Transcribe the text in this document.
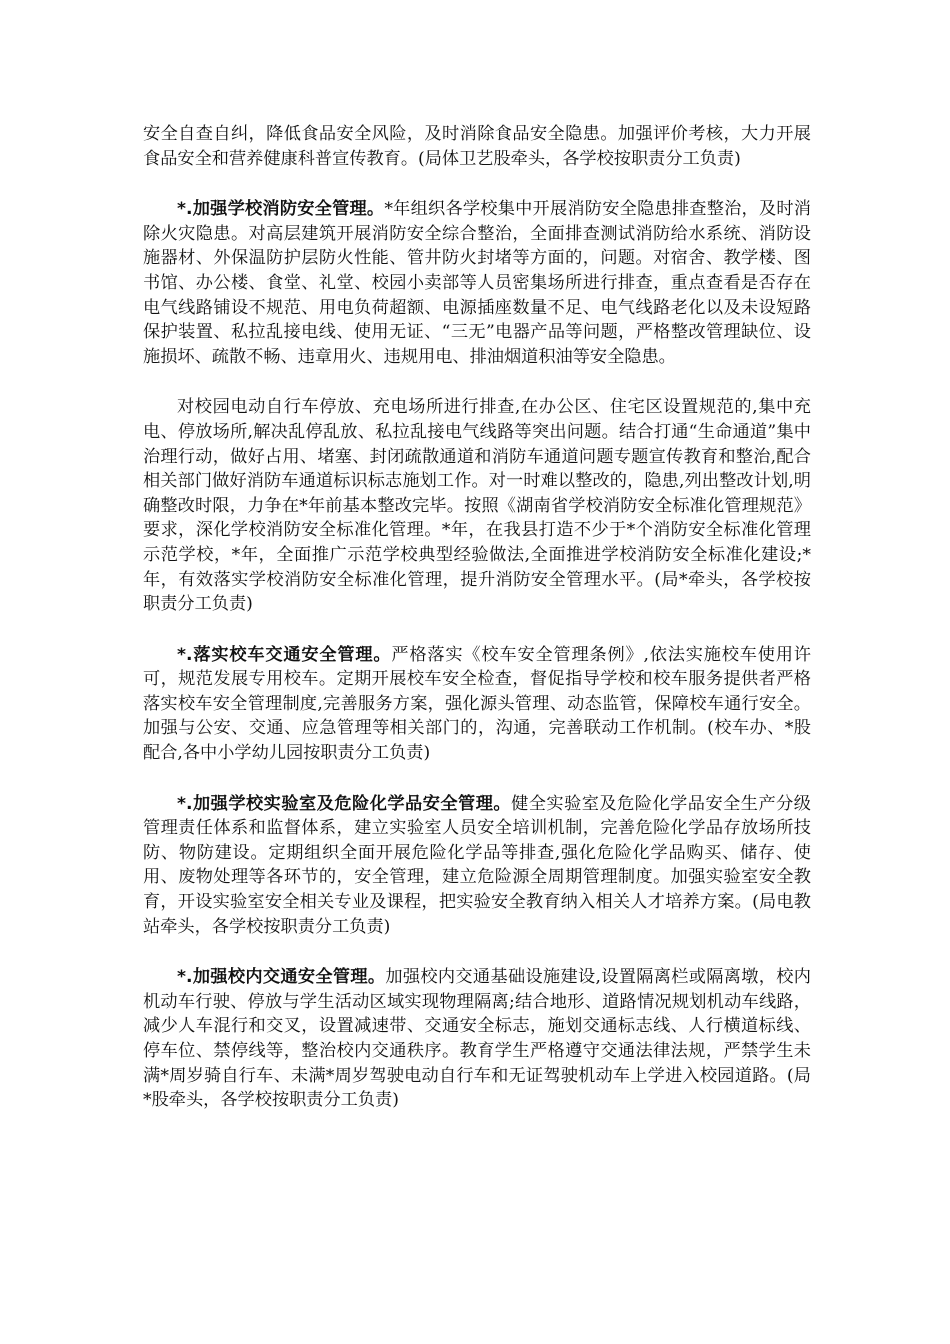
安全自查自纠，降低食品安全风险，及时消除食品安全隐患。加强评价考核，大力开展食品安全和营养健康科普宣传教育。(局体卫艺股牵头，各学校按职责分工负责)

*.加强学校消防安全管理。*年组织各学校集中开展消防安全隐患排查整治，及时消除火灾隐患。对高层建筑开展消防安全综合整治，全面排查测试消防给水系统、消防设施器材、外保温防护层防火性能、管井防火封堵等方面的，问题。对宿舍、教学楼、图书馆、办公楼、食堂、礼堂、校园小卖部等人员密集场所进行排查，重点查看是否存在电气线路铺设不规范、用电负荷超额、电源插座数量不足、电气线路老化以及未设短路保护装置、私拉乱接电线、使用无证、“三无”电器产品等问题，严格整改管理缺位、设施损坏、疏散不畅、违章用火、违规用电、排油烟道积油等安全隐患。

对校园电动自行车停放、充电场所进行排查,在办公区、住宅区设置规范的,集中充电、停放场所,解决乱停乱放、私拉乱接电气线路等突出问题。结合打通“生命通道”集中治理行动，做好占用、堵塞、封闭疏散通道和消防车通道问题专题宣传教育和整治,配合相关部门做好消防车通道标识标志施划工作。对一时难以整改的，隐患,列出整改计划,明确整改时限，力争在*年前基本整改完毕。按照《湖南省学校消防安全标准化管理规范》要求，深化学校消防安全标准化管理。*年，在我县打造不少于*个消防安全标准化管理示范学校，*年，全面推广示范学校典型经验做法,全面推进学校消防安全标准化建设;*年，有效落实学校消防安全标准化管理，提升消防安全管理水平。(局*牵头，各学校按职责分工负责)

*.落实校车交通安全管理。严格落实《校车安全管理条例》,依法实施校车使用许可，规范发展专用校车。定期开展校车安全检查，督促指导学校和校车服务提供者严格落实校车安全管理制度,完善服务方案，强化源头管理、动态监管，保障校车通行安全。加强与公安、交通、应急管理等相关部门的，沟通，完善联动工作机制。(校车办、*股配合,各中小学幼儿园按职责分工负责)

*.加强学校实验室及危险化学品安全管理。健全实验室及危险化学品安全生产分级管理责任体系和监督体系，建立实验室人员安全培训机制，完善危险化学品存放场所技防、物防建设。定期组织全面开展危险化学品等排查,强化危险化学品购买、储存、使用、废物处理等各环节的，安全管理，建立危险源全周期管理制度。加强实验室安全教育，开设实验室安全相关专业及课程，把实验安全教育纳入相关人才培养方案。(局电教站牵头，各学校按职责分工负责)

*.加强校内交通安全管理。加强校内交通基础设施建设,设置隔离栏或隔离墩，校内机动车行驶、停放与学生活动区域实现物理隔离;结合地形、道路情况规划机动车线路，减少人车混行和交叉，设置减速带、交通安全标志，施划交通标志线、人行横道标线、停车位、禁停线等，整治校内交通秩序。教育学生严格遵守交通法律法规，严禁学生未满*周岁骑自行车、未满*周岁驾驶电动自行车和无证驾驶机动车上学进入校园道路。(局*股牵头，各学校按职责分工负责)
